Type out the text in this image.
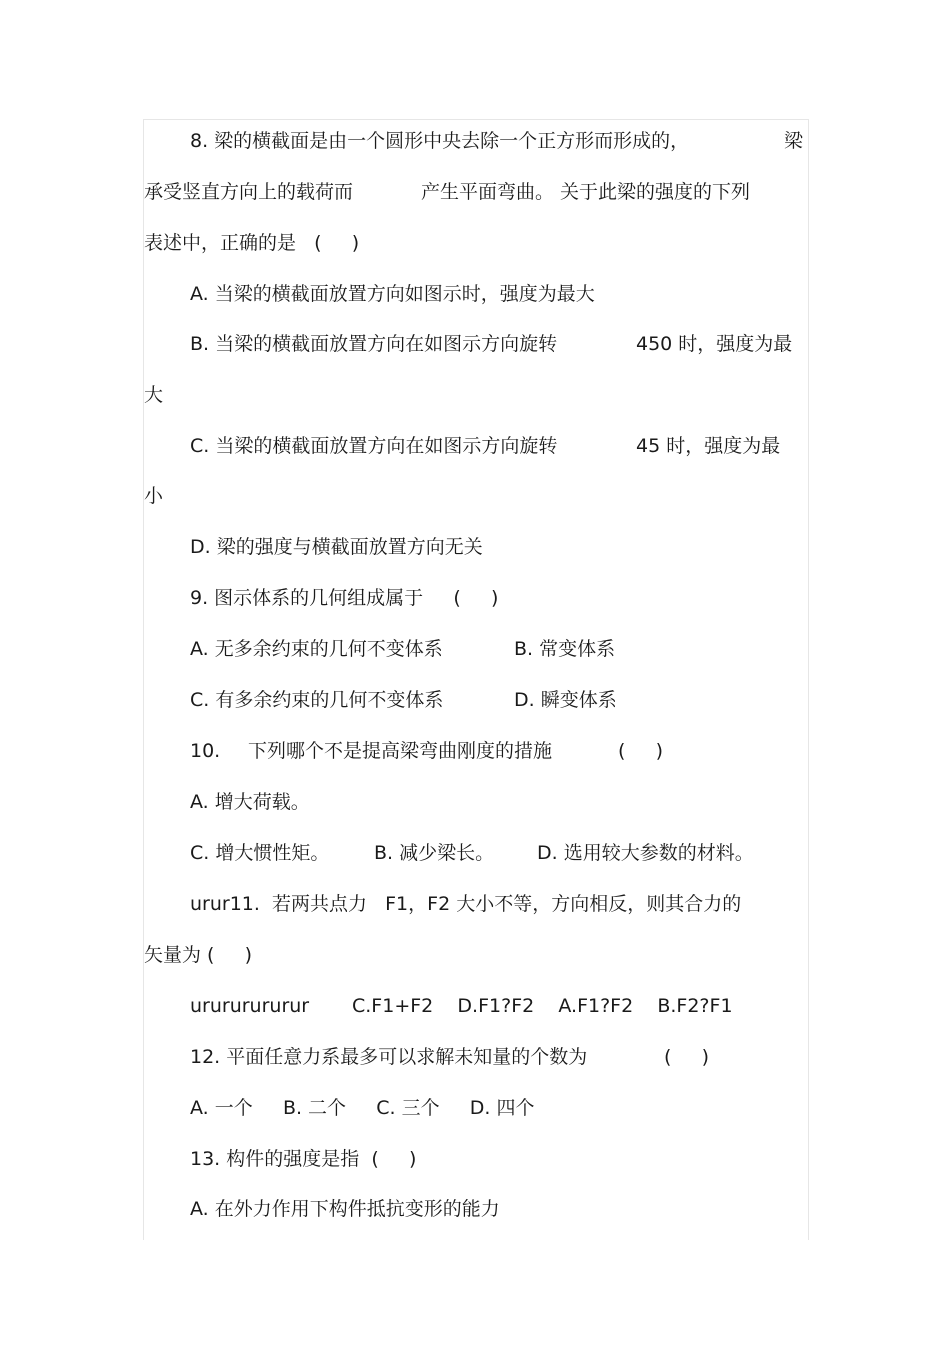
8. 梁的横截面是由一个圆形中央去除一个正方形而形成的，	梁
承受竖直方向上的载荷而	产生平面弯曲。 关于此梁的强度的下列
表述中，正确的是   (     )
A. 当梁的横截面放置方向如图示时，强度为最大
B. 当梁的横截面放置方向在如图示方向旋转	450 时，强度为最
大
C. 当梁的横截面放置方向在如图示方向旋转	45 时，强度为最
小
D. 梁的强度与横截面放置方向无关
9. 图示体系的几何组成属于     (     )
A. 无多余约束的几何不变体系	B. 常变体系
C. 有多余约束的几何不变体系	D. 瞬变体系
10. 下列哪个不是提高梁弯曲刚度的措施	(     )
A. 增大荷载。
C. 增大惯性矩。 B. 减少梁长。 D. 选用较大参数的材料。
urur11.  若两共点力   F1，F2 大小不等，方向相反，则其合力的
矢量为 (     )
urururururur C.F1+F2    D.F1?F2    A.F1?F2    B.F2?F1
12. 平面任意力系最多可以求解未知量的个数为	(     )
A. 一个     B. 二个     C. 三个     D. 四个
13. 构件的强度是指  (     )
A. 在外力作用下构件抵抗变形的能力
